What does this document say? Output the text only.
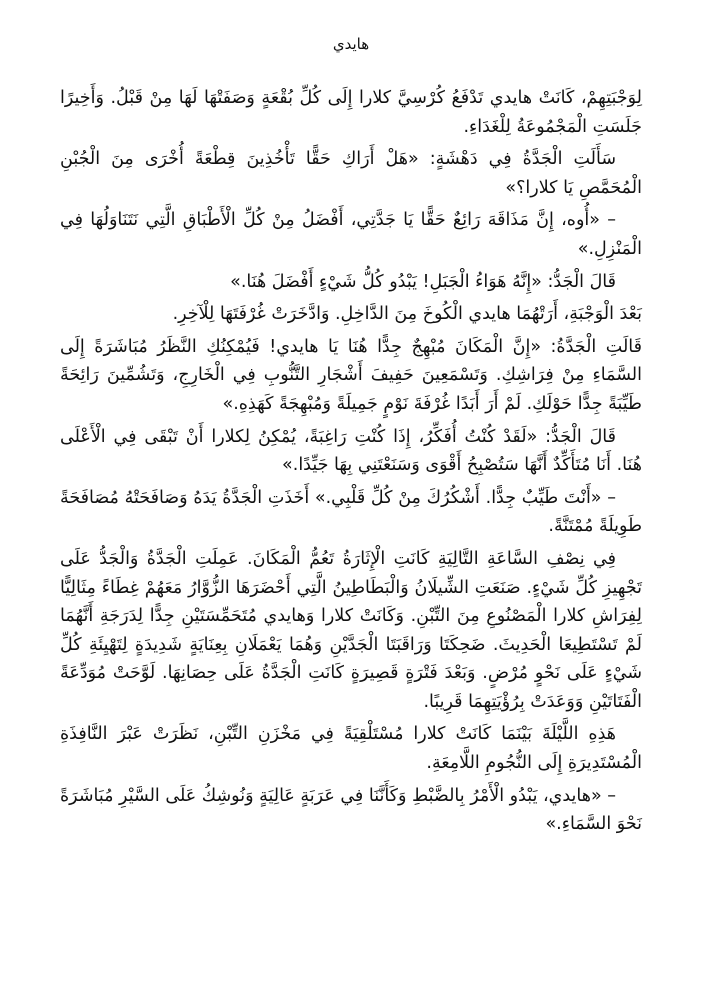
هايدي

لِوَجْبَتِهِمْ، كَانَتْ هايدي تَدْفَعُ كُرْسِيَّ كلارا إِلَى كُلِّ بُقْعَةٍ وَصَفَتْهَا لَهَا مِنْ قَبْلُ. وَأَخِيرًا جَلَسَتِ الْمَجْمُوعَةُ لِلْغَدَاءِ.

سَأَلَتِ الْجَدَّةُ فِي دَهْشَةٍ: «هَلْ أَرَاكِ حَقًّا تَأْخُذِينَ قِطْعَةً أُخْرَى مِنَ الْجُبْنِ الْمُحَمَّصِ يَا كلارا؟»

– «أُوه، إِنَّ مَذَاقَهَ رَائِعٌ حَقًّا يَا جَدَّتِي، أَفْضَلُ مِنْ كُلِّ الْأَطْبَاقِ الَّتِي نَتَنَاوَلُهَا فِي الْمَنْزِلِ.»

قَالَ الْجَدُّ: «إِنَّهُ هَوَاءُ الْجَبَلِ! يَبْدُو كُلُّ شَيْءٍ أَفْضَلَ هُنَا.»

بَعْدَ الْوَجْبَةِ، أَرَتْهُمَا هايدي الْكُوخَ مِنَ الدَّاخِلِ. وَادَّخَرَتْ غُرْفَتَهَا لِلْآخِرِ.

قَالَتِ الْجَدَّةُ: «إِنَّ الْمَكَانَ مُبْهِجٌ جِدًّا هُنَا يَا هايدي! فَيُمْكِنُكِ النَّظَرُ مُبَاشَرَةً إِلَى السَّمَاءِ مِنْ فِرَاشِكِ. وَتَسْمَعِينَ حَفِيفَ أَشْجَارِ التَّنُّوبِ فِي الْخَارِجِ، وَتَشُمِّينَ رَائِحَةً طَيِّبَةً جِدًّا حَوْلَكِ. لَمْ أَرَ أَبَدًا غُرْفَةَ نَوْمٍ جَمِيلَةً وَمُبْهِجَةً كَهَذِهِ.»

قَالَ الْجَدُّ: «لَقَدْ كُنْتُ أُفَكِّرُ، إِذَا كُنْتِ رَاغِبَةً، يُمْكِنُ لِكلارا أَنْ تَبْقَى فِي الْأَعْلَى هُنَا. أَنَا مُتَأَكِّدٌ أَنَّهَا سَتُصْبِحُ أَقْوَى وَسَنَعْتَنِي بِهَا جَيِّدًا.»

– «أَنْتَ طَيِّبٌ جِدًّا. أَشْكُرُكَ مِنْ كُلِّ قَلْبِي.» أَخَذَتِ الْجَدَّةُ يَدَهُ وَصَافَحَتْهُ مُصَافَحَةً طَوِيلَةً مُمْتَنَّةً.

فِي نِصْفِ السَّاعَةِ التَّالِيَةِ كَانَتِ الْإِثَارَةُ تَعُمُّ الْمَكَانَ. عَمِلَتِ الْجَدَّةُ وَالْجَدُّ عَلَى تَجْهِيزِ كُلِّ شَيْءٍ. صَنَعَتِ الشِّيلَانُ وَالْبَطَاطِينُ الَّتِي أَحْضَرَهَا الزُّوَّارُ مَعَهُمْ غِطَاءً مِثَالِيًّا لِفِرَاشِ كلارا الْمَصْنُوعِ مِنَ التِّبْنِ. وَكَانَتْ كلارا وَهايدي مُتَحَمِّسَتَيْنِ جِدًّا لِدَرَجَةِ أَنَّهُمَا لَمْ تَسْتَطِيعَا الْحَدِيثَ. ضَحِكَتَا وَرَاقَبَتَا الْجَدَّيْنِ وَهُمَا يَعْمَلَانِ بِعِنَايَةٍ شَدِيدَةٍ لِتَهْيِئَةِ كُلِّ شَيْءٍ عَلَى نَحْوٍ مُرْضٍ. وَبَعْدَ فَتْرَةٍ قَصِيرَةٍ كَانَتِ الْجَدَّةُ عَلَى حِصَانِهَا. لَوَّحَتْ مُوَدِّعَةً الْفَتَاتَيْنِ وَوَعَدَتْ بِرُؤْيَتِهِمَا قَرِيبًا.

هَذِهِ اللَّيْلَةَ بَيْنَمَا كَانَتْ كلارا مُسْتَلْقِيَةً فِي مَخْزَنِ التِّبْنِ، نَظَرَتْ عَبْرَ النَّافِذَةِ الْمُسْتَدِيرَةِ إِلَى النُّجُومِ اللَّامِعَةِ.

– «هايدي، يَبْدُو الْأَمْرُ بِالضَّبْطِ وَكَأَنَّنَا فِي عَرَبَةٍ عَالِيَةٍ وَنُوشِكُ عَلَى السَّيْرِ مُبَاشَرَةً نَحْوَ السَّمَاءِ.»
